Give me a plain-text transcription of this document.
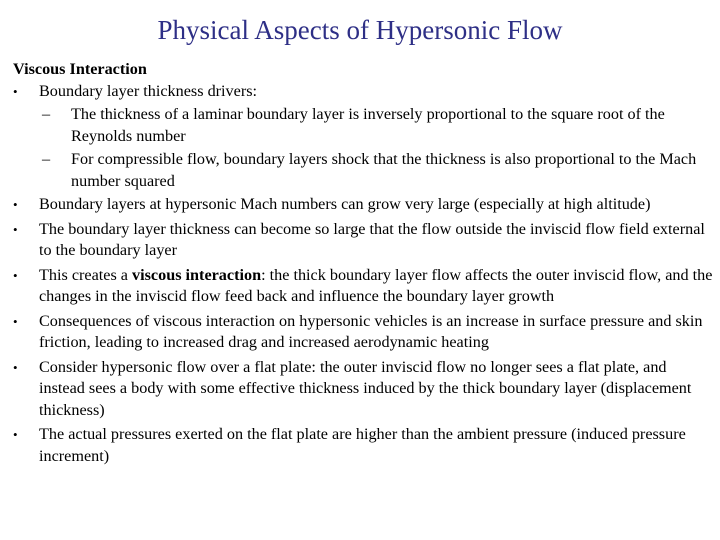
Physical Aspects of Hypersonic Flow

Viscous Interaction

•	Boundary layer thickness drivers:
–	The thickness of a laminar boundary layer is inversely proportional to the square root of the Reynolds number
–	For compressible flow, boundary layers shock that the thickness is also proportional to the Mach number squared
•	Boundary layers at hypersonic Mach numbers can grow very large (especially at high altitude)
•	The boundary layer thickness can become so large that the flow outside the inviscid flow field external to the boundary layer
•	This creates a viscous interaction: the thick boundary layer flow affects the outer inviscid flow, and the changes in the inviscid flow feed back and influence the boundary layer growth
•	Consequences of viscous interaction on hypersonic vehicles is an increase in surface pressure and skin friction, leading to increased drag and increased aerodynamic heating
•	Consider hypersonic flow over a flat plate: the outer inviscid flow no longer sees a flat plate, and instead sees a body with some effective thickness induced by the thick boundary layer (displacement thickness)
•	The actual pressures exerted on the flat plate are higher than the ambient pressure (induced pressure increment)
